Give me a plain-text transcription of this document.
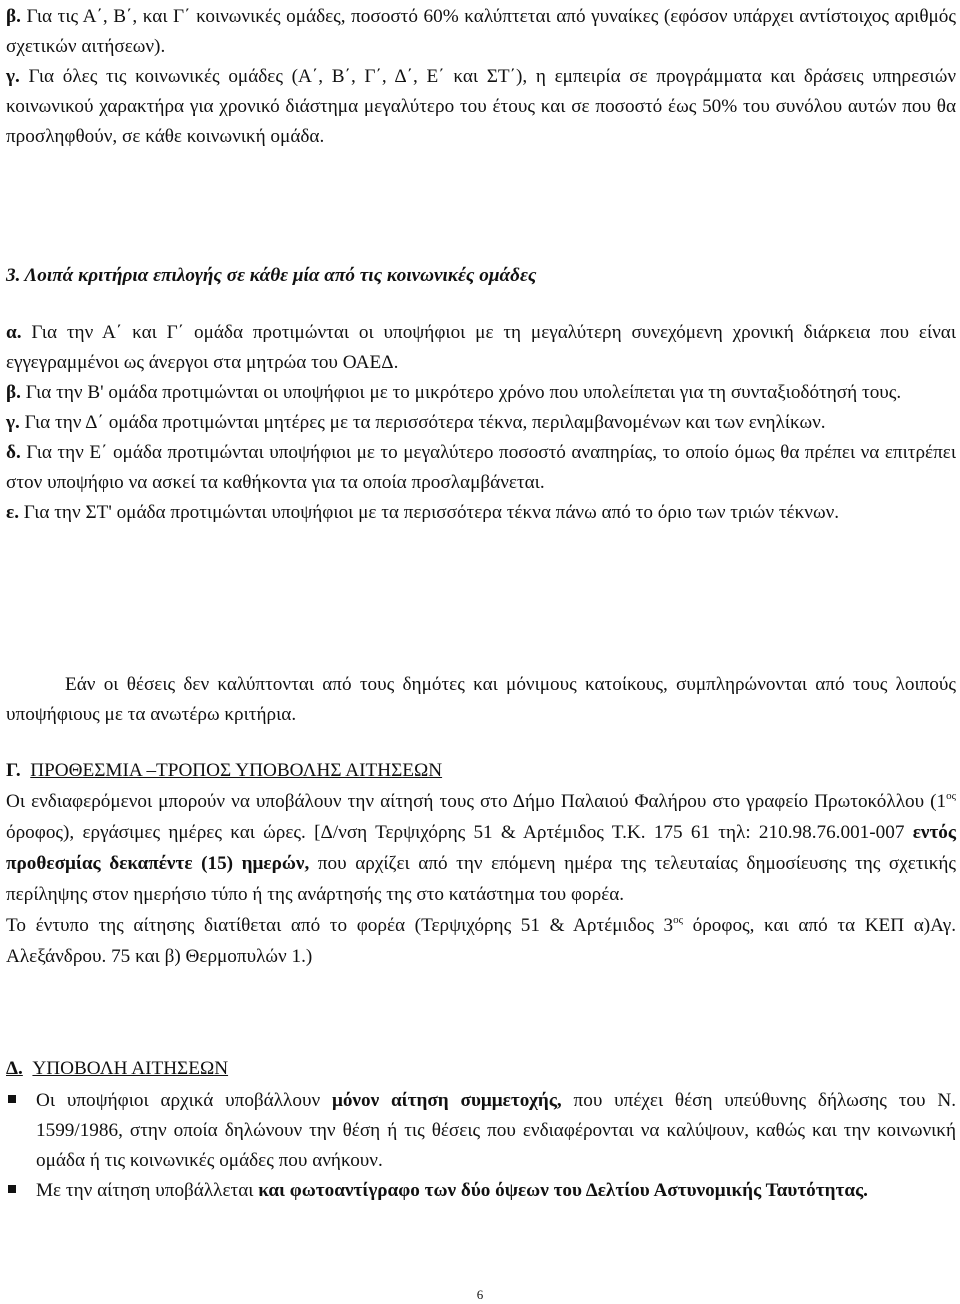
β. Για τις Α΄, Β΄, και Γ΄ κοινωνικές ομάδες, ποσοστό 60% καλύπτεται από γυναίκες (εφόσον υπάρχει αντίστοιχος αριθμός σχετικών αιτήσεων).

γ. Για όλες τις κοινωνικές ομάδες (Α΄, Β΄, Γ΄, Δ΄, Ε΄ και ΣΤ΄), η εμπειρία σε προγράμματα και δράσεις υπηρεσιών κοινωνικού χαρακτήρα για χρονικό διάστημα μεγαλύτερο του έτους και σε ποσοστό έως 50% του συνόλου αυτών που θα προσληφθούν, σε κάθε κοινωνική ομάδα.

3. Λοιπά κριτήρια επιλογής σε κάθε μία από τις κοινωνικές ομάδες

α. Για την Α΄ και Γ΄ ομάδα προτιμώνται οι υποψήφιοι με τη μεγαλύτερη συνεχόμενη χρονική διάρκεια που είναι εγγεγραμμένοι ως άνεργοι στα μητρώα του ΟΑΕΔ.

β. Για την Β' ομάδα προτιμώνται οι υποψήφιοι με το μικρότερο χρόνο που υπολείπεται για τη συνταξιοδότησή τους.

γ. Για την Δ΄ ομάδα προτιμώνται μητέρες με τα περισσότερα τέκνα, περιλαμβανομένων και των ενηλίκων.

δ. Για την Ε΄ ομάδα προτιμώνται υποψήφιοι με το μεγαλύτερο ποσοστό αναπηρίας, το οποίο όμως θα πρέπει να επιτρέπει στον υποψήφιο να ασκεί τα καθήκοντα για τα οποία προσλαμβάνεται.

ε. Για την ΣΤ' ομάδα προτιμώνται υποψήφιοι με τα περισσότερα τέκνα πάνω από το όριο των τριών τέκνων.

Εάν οι θέσεις δεν καλύπτονται από τους δημότες και μόνιμους κατοίκους, συμπληρώνονται από τους λοιπούς υποψήφιους με τα ανωτέρω κριτήρια.

Γ. ΠΡΟΘΕΣΜΙΑ –ΤΡΟΠΟΣ ΥΠΟΒΟΛΗΣ ΑΙΤΗΣΕΩΝ

Οι ενδιαφερόμενοι μπορούν να υποβάλουν την αίτησή τους στο Δήμο Παλαιού Φαλήρου στο γραφείο Πρωτοκόλλου ($1^{o\varsigma}$ όροφος), εργάσιμες ημέρες και ώρες. [Δ/νση Τερψιχόρης 51 & Αρτέμιδος Τ.Κ. 175 61 τηλ: 210.98.76.001-007 εντός προθεσμίας δεκαπέντε (15) ημερών, που αρχίζει από την επόμενη ημέρα της τελευταίας δημοσίευσης της σχετικής περίληψης στον ημερήσιο τύπο ή της ανάρτησής της στο κατάστημα του φορέα.

Το έντυπο της αίτησης διατίθεται από το φορέα (Τερψιχόρης 51 & Αρτέμιδος $3^{o\varsigma}$ όροφος, και από τα ΚΕΠ α)Αγ. Αλεξάνδρου. 75 και β) Θερμοπυλών 1.)

Δ. ΥΠΟΒΟΛΗ ΑΙΤΗΣΕΩΝ

Οι υποψήφιοι αρχικά υποβάλλουν μόνον αίτηση συμμετοχής, που υπέχει θέση υπεύθυνης δήλωσης του Ν. 1599/1986, στην οποία δηλώνουν την θέση ή τις θέσεις που ενδιαφέρονται να καλύψουν, καθώς και την κοινωνική ομάδα ή τις κοινωνικές ομάδες που ανήκουν.

Με την αίτηση υποβάλλεται και φωτοαντίγραφο των δύο όψεων του Δελτίου Αστυνομικής Ταυτότητας.

6
